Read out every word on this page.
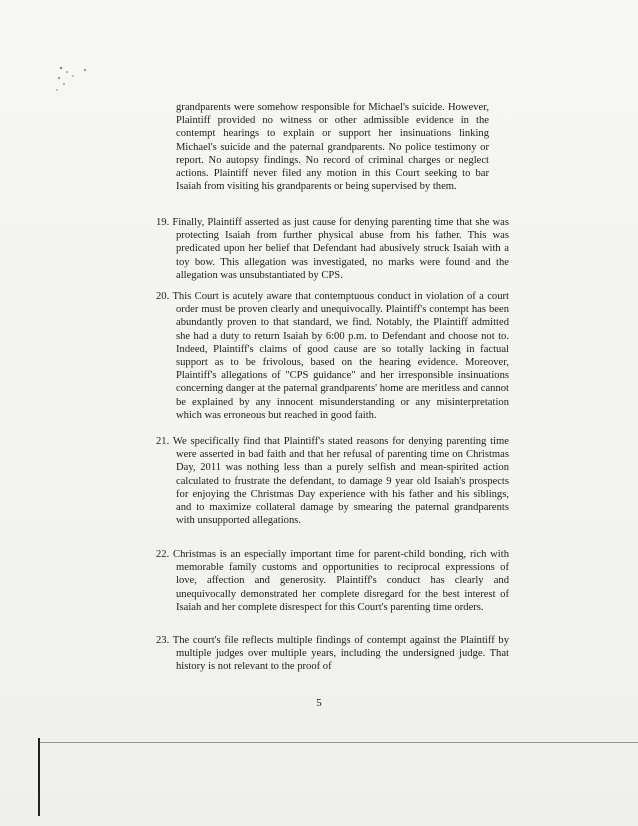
grandparents were somehow responsible for Michael's suicide. However, Plaintiff provided no witness or other admissible evidence in the contempt hearings to explain or support her insinuations linking Michael's suicide and the paternal grandparents. No police testimony or report. No autopsy findings. No record of criminal charges or neglect actions. Plaintiff never filed any motion in this Court seeking to bar Isaiah from visiting his grandparents or being supervised by them.
19. Finally, Plaintiff asserted as just cause for denying parenting time that she was protecting Isaiah from further physical abuse from his father. This was predicated upon her belief that Defendant had abusively struck Isaiah with a toy bow. This allegation was investigated, no marks were found and the allegation was unsubstantiated by CPS.
20. This Court is acutely aware that contemptuous conduct in violation of a court order must be proven clearly and unequivocally. Plaintiff's contempt has been abundantly proven to that standard, we find. Notably, the Plaintiff admitted she had a duty to return Isaiah by 6:00 p.m. to Defendant and choose not to. Indeed, Plaintiff's claims of good cause are so totally lacking in factual support as to be frivolous, based on the hearing evidence. Moreover, Plaintiff's allegations of "CPS guidance" and her irresponsible insinuations concerning danger at the paternal grandparents' home are meritless and cannot be explained by any innocent misunderstanding or any misinterpretation which was erroneous but reached in good faith.
21. We specifically find that Plaintiff's stated reasons for denying parenting time were asserted in bad faith and that her refusal of parenting time on Christmas Day, 2011 was nothing less than a purely selfish and mean-spirited action calculated to frustrate the defendant, to damage 9 year old Isaiah's prospects for enjoying the Christmas Day experience with his father and his siblings, and to maximize collateral damage by smearing the paternal grandparents with unsupported allegations.
22. Christmas is an especially important time for parent-child bonding, rich with memorable family customs and opportunities to reciprocal expressions of love, affection and generosity. Plaintiff's conduct has clearly and unequivocally demonstrated her complete disregard for the best interest of Isaiah and her complete disrespect for this Court's parenting time orders.
23. The court's file reflects multiple findings of contempt against the Plaintiff by multiple judges over multiple years, including the undersigned judge. That history is not relevant to the proof of
5
